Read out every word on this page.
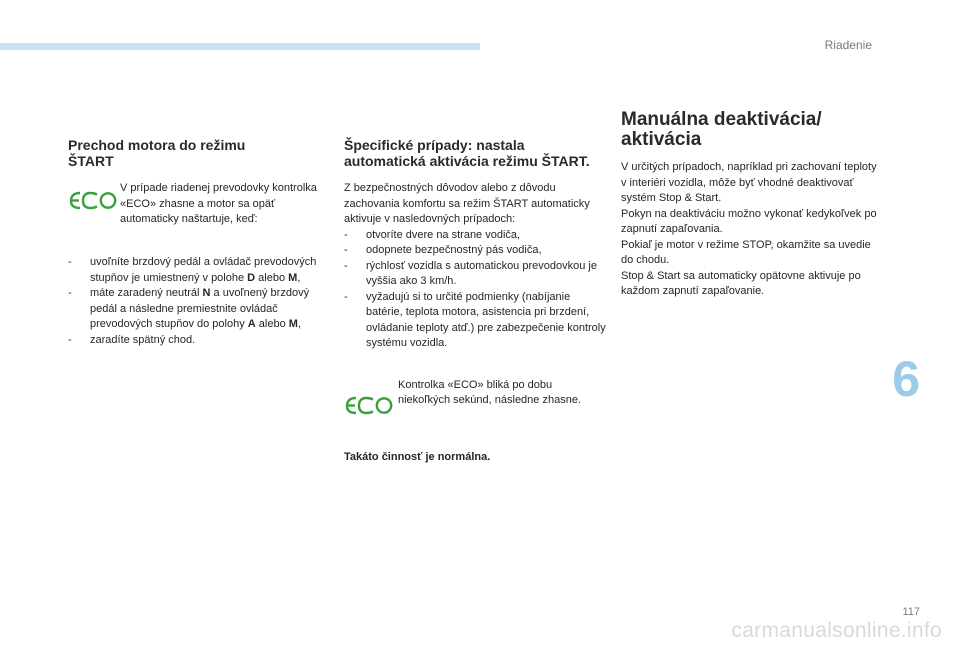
Riadenie
Prechod motora do režimu
ŠTART

V prípade riadenej prevodovky kontrolka «ECO» zhasne a motor sa opäť automaticky naštartuje, keď:

- uvoľníte brzdový pedál a ovládač prevodových stupňov je umiestnený v polohe D alebo M,
- máte zaradený neutrál N a uvoľnený brzdový pedál a následne premiestnite ovládač prevodových stupňov do polohy A alebo M,
- zaradíte spätný chod.
Špecifické prípady: nastala
automatická aktivácia režimu ŠTART.

Z bezpečnostných dôvodov alebo z dôvodu zachovania komfortu sa režim ŠTART automaticky aktivuje v nasledovných prípadoch:

- otvoríte dvere na strane vodiča,
- odopnete bezpečnostný pás vodiča,
- rýchlosť vozidla s automatickou prevodovkou je vyššia ako 3 km/h.
- vyžadujú si to určité podmienky (nabíjanie batérie, teplota motora, asistencia pri brzdení, ovládanie teploty atď.) pre zabezpečenie kontroly systému vozidla.

Kontrolka «ECO» bliká po dobu niekoľkých sekúnd, následne zhasne.

Takáto činnosť je normálna.

Manuálna deaktivácia/
aktivácia

V určitých prípadoch, napríklad pri zachovaní teploty v interiéri vozidla, môže byť vhodné deaktivovať systém Stop & Start.

Pokyn na deaktiváciu možno vykonať kedykoľvek po zapnutí zapaľovania.

Pokiaľ je motor v režime STOP, okamžite sa uvedie do chodu.

Stop & Start sa automaticky opätovne aktivuje po každom zapnutí zapaľovanie.

6
117
carmanualsonline.info
